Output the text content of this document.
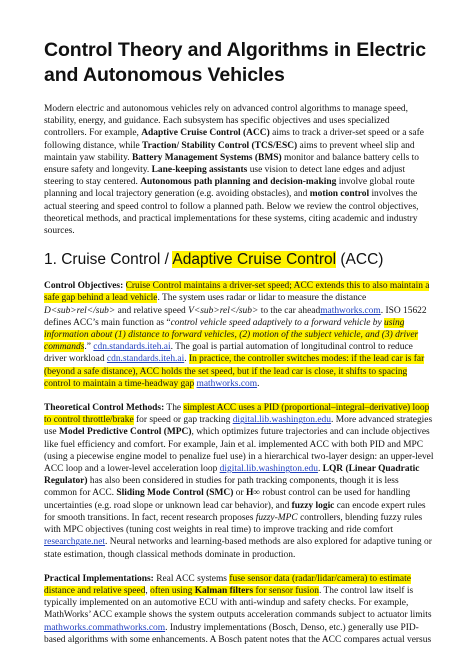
Control Theory and Algorithms in Electric and Autonomous Vehicles

Modern electric and autonomous vehicles rely on advanced control algorithms to manage speed, stability, energy, and guidance. Each subsystem has specific objectives and uses specialized controllers. For example, Adaptive Cruise Control (ACC) aims to track a driver-set speed or a safe following distance, while Traction/ Stability Control (TCS/ESC) aims to prevent wheel slip and maintain yaw stability. Battery Management Systems (BMS) monitor and balance battery cells to ensure safety and longevity. Lane-keeping assistants use vision to detect lane edges and adjust steering to stay centered. Autonomous path planning and decision-making involve global route planning and local trajectory generation (e.g. avoiding obstacles), and motion control involves the actual steering and speed control to follow a planned path. Below we review the control objectives, theoretical methods, and practical implementations for these systems, citing academic and industry sources.

1. Cruise Control / Adaptive Cruise Control (ACC)

Control Objectives: Cruise Control maintains a driver-set speed; ACC extends this to also maintain a safe gap behind a lead vehicle. The system uses radar or lidar to measure the distance D<sub>rel</sub> and relative speed V<sub>rel</sub> to the car aheadmathworks.com. ISO 15622 defines ACC’s main function as “control vehicle speed adaptively to a forward vehicle by using information about (1) distance to forward vehicles, (2) motion of the subject vehicle, and (3) driver commands.” cdn.standards.iteh.ai. The goal is partial automation of longitudinal control to reduce driver workload cdn.standards.iteh.ai. In practice, the controller switches modes: if the lead car is far (beyond a safe distance), ACC holds the set speed, but if the lead car is close, it shifts to spacing control to maintain a time-headway gap mathworks.com.

Theoretical Control Methods: The simplest ACC uses a PID (proportional–integral–derivative) loop to control throttle/brake for speed or gap tracking digital.lib.washington.edu. More advanced strategies use Model Predictive Control (MPC), which optimizes future trajectories and can include objectives like fuel efficiency and comfort. For example, Jain et al. implemented ACC with both PID and MPC (using a piecewise engine model to penalize fuel use) in a hierarchical two-layer design: an upper-level ACC loop and a lower-level acceleration loop digital.lib.washington.edu. LQR (Linear Quadratic Regulator) has also been considered in studies for path tracking components, though it is less common for ACC. Sliding Mode Control (SMC) or H∞ robust control can be used for handling uncertainties (e.g. road slope or unknown lead car behavior), and fuzzy logic can encode expert rules for smooth transitions. In fact, recent research proposes fuzzy-MPC controllers, blending fuzzy rules with MPC objectives (tuning cost weights in real time) to improve tracking and ride comfort researchgate.net. Neural networks and learning-based methods are also explored for adaptive tuning or state estimation, though classical methods dominate in production.

Practical Implementations: Real ACC systems fuse sensor data (radar/lidar/camera) to estimate distance and relative speed, often using Kalman filters for sensor fusion. The control law itself is typically implemented on an automotive ECU with anti-windup and safety checks. For example, MathWorks’ ACC example shows the system outputs acceleration commands subject to actuator limits mathworks.commathworks.com. Industry implementations (Bosch, Denso, etc.) generally use PID-based algorithms with some enhancements. A Bosch patent notes that the ACC compares actual versus
